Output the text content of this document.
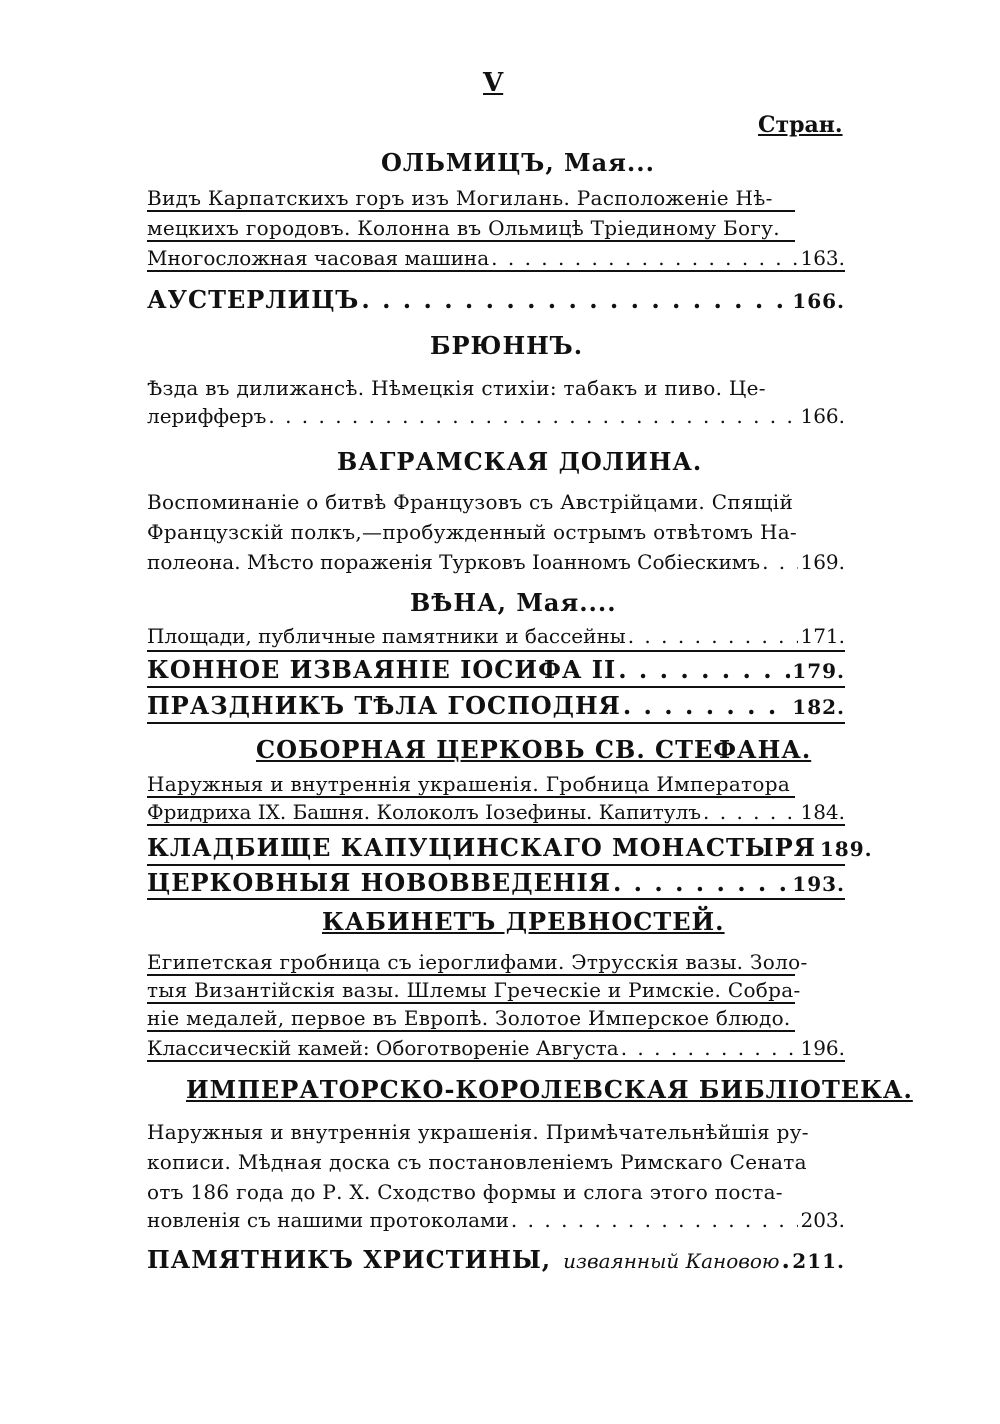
V
Стран.
ОЛЬМИЦЪ, Мая...
Видъ Карпатскихъ горъ изъ Могилань. Расположеніе Нѣ-
мецкихъ городовъ. Колонна въ Ольмицѣ Тріединому Богу.
Многосложная часовая машина . . .	163.
АУСТЕРЛИЦЪ . . .	166.
БРЮННЪ.
Ѣзда въ дилижансѣ. Нѣмецкія стихіи: табакъ и пиво. Це-
лерифферъ . . .	166.
ВАГРАМСКАЯ ДОЛИНА.
Воспоминаніе о битвѣ Французовъ съ Австрійцами. Спящій
Французскій полкъ,—пробужденный острымъ отвѣтомъ На-
полеона. Мѣсто пораженія Турковъ Іоанномъ Собіескимъ . . . 169.
ВѢНА, Мая....
Площади, публичные памятники и бассейны . . .	171.
КОННОЕ ИЗВАЯНІЕ ІОСИФА II . . .	179.
ПРАЗДНИКЪ ТѢЛА ГОСПОДНЯ . . .	182.
СОБОРНАЯ ЦЕРКОВЬ СВ. СТЕФАНА.
Наружныя и внутреннія украшенія. Гробница Императора
Фридриха IX. Башня. Колоколъ Іозефины. Капитулъ . . .	184.
КЛАДБИЩЕ КАПУЦИНСКАГО МОНАСТЫРЯ 189.
ЦЕРКОВНЫЯ НОВОВВЕДЕНІЯ . . .	193.
КАБИНЕТЪ ДРЕВНОСТЕЙ.
Египетская гробница съ іероглифами. Этрусскія вазы. Золо-
тыя Византійскія вазы. Шлемы Греческіе и Римскіе. Собра-
ніе медалей, первое въ Европѣ. Золотое Имперское блюдо.
Классическій камей: Обоготвореніе Августа . . .	196.
ИМПЕРАТОРСКО-КОРОЛЕВСКАЯ БИБЛІОТЕКА.
Наружныя и внутреннія украшенія. Примѣчательнѣйшія ру-
кописи. Мѣдная доска съ постановленіемъ Римскаго Сената
отъ 186 года до Р. Х. Сходство формы и слога этого поста-
новленія съ нашими протоколами . . .	203.
ПАМЯТНИКЪ ХРИСТИНЫ, изваянный Кановою . . . 211.
